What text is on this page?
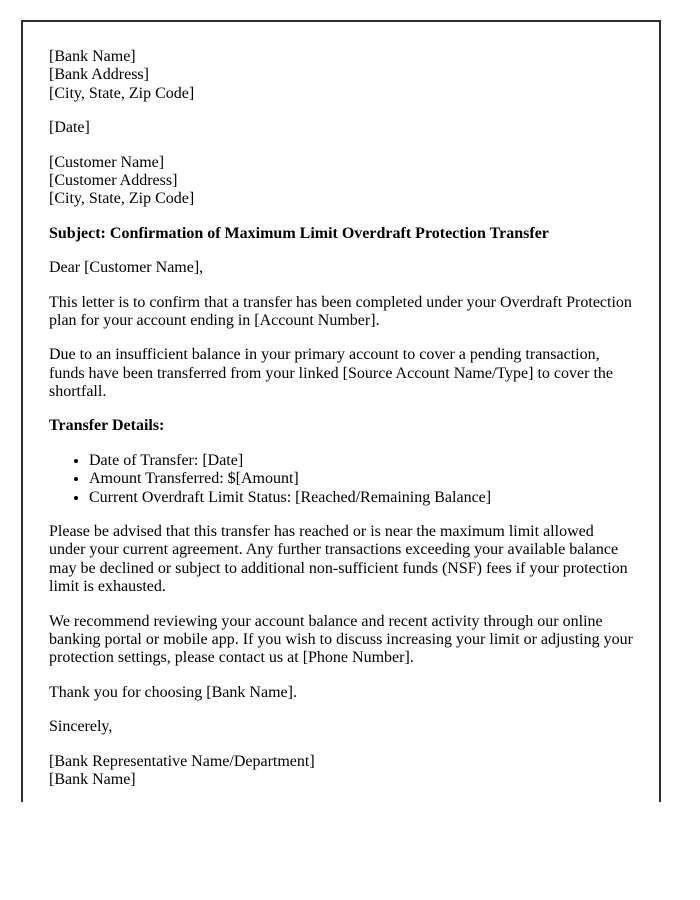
[Bank Name]
[Bank Address]
[City, State, Zip Code]

[Date]

[Customer Name]
[Customer Address]
[City, State, Zip Code]

Subject: Confirmation of Maximum Limit Overdraft Protection Transfer

Dear [Customer Name],

This letter is to confirm that a transfer has been completed under your Overdraft Protection plan for your account ending in [Account Number].

Due to an insufficient balance in your primary account to cover a pending transaction, funds have been transferred from your linked [Source Account Name/Type] to cover the shortfall.

Transfer Details:

• Date of Transfer: [Date]
• Amount Transferred: $[Amount]
• Current Overdraft Limit Status: [Reached/Remaining Balance]

Please be advised that this transfer has reached or is near the maximum limit allowed under your current agreement. Any further transactions exceeding your available balance may be declined or subject to additional non-sufficient funds (NSF) fees if your protection limit is exhausted.

We recommend reviewing your account balance and recent activity through our online banking portal or mobile app. If you wish to discuss increasing your limit or adjusting your protection settings, please contact us at [Phone Number].

Thank you for choosing [Bank Name].

Sincerely,

[Bank Representative Name/Department]
[Bank Name]
